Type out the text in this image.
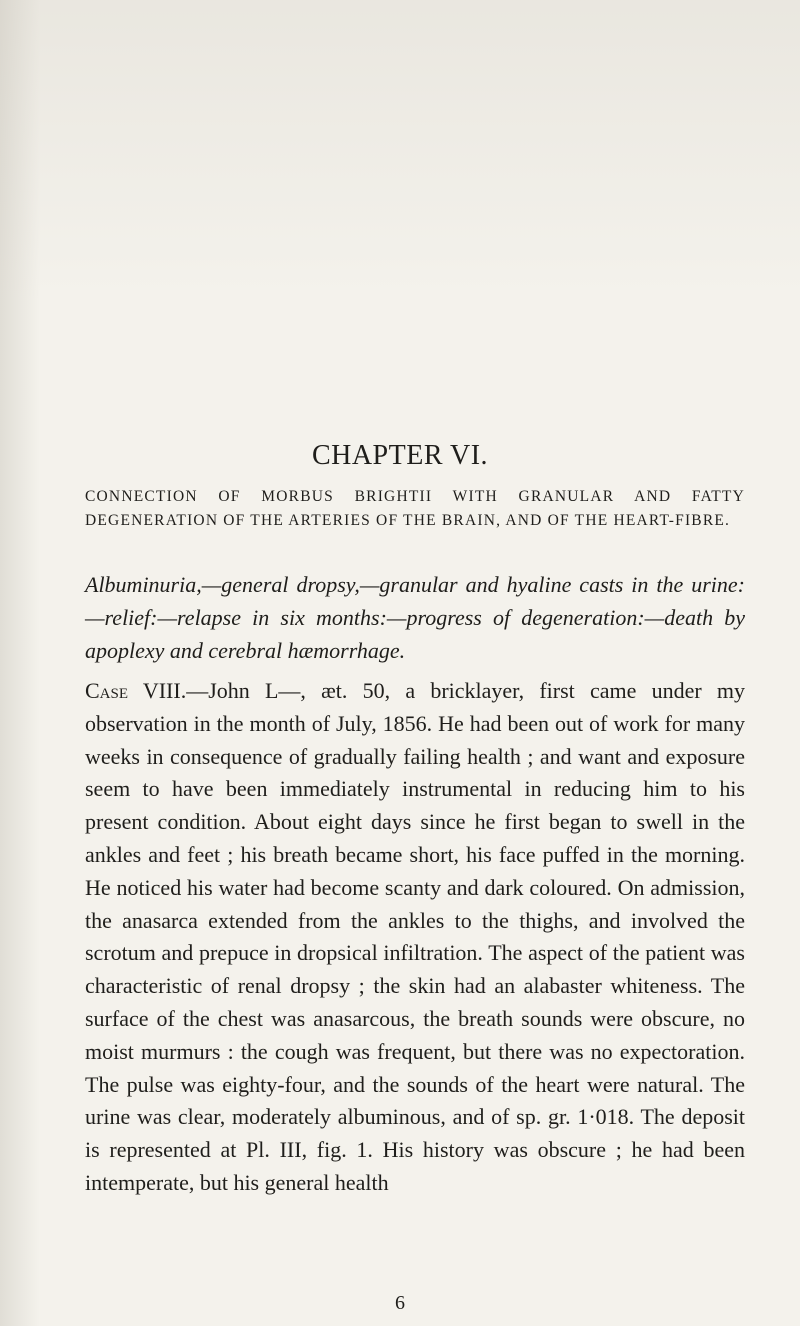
CHAPTER VI.
CONNECTION OF MORBUS BRIGHTII WITH GRANULAR AND FATTY DEGENERATION OF THE ARTERIES OF THE BRAIN, AND OF THE HEART-FIBRE.

Albuminuria,—general dropsy,—granular and hyaline casts in the urine:—relief:—relapse in six months:—progress of degeneration:—death by apoplexy and cerebral hæmorrhage.

Case VIII.—John L—, æt. 50, a bricklayer, first came under my observation in the month of July, 1856. He had been out of work for many weeks in consequence of gradually failing health ; and want and exposure seem to have been immediately instrumental in reducing him to his present condition. About eight days since he first began to swell in the ankles and feet ; his breath became short, his face puffed in the morning. He noticed his water had become scanty and dark coloured. On admission, the anasarca extended from the ankles to the thighs, and involved the scrotum and prepuce in dropsical infiltration. The aspect of the patient was characteristic of renal dropsy ; the skin had an alabaster whiteness. The surface of the chest was anasarcous, the breath sounds were obscure, no moist murmurs : the cough was frequent, but there was no expectoration. The pulse was eighty-four, and the sounds of the heart were natural. The urine was clear, moderately albuminous, and of sp. gr. 1·018. The deposit is represented at Pl. III, fig. 1. His history was obscure ; he had been intemperate, but his general health

6
